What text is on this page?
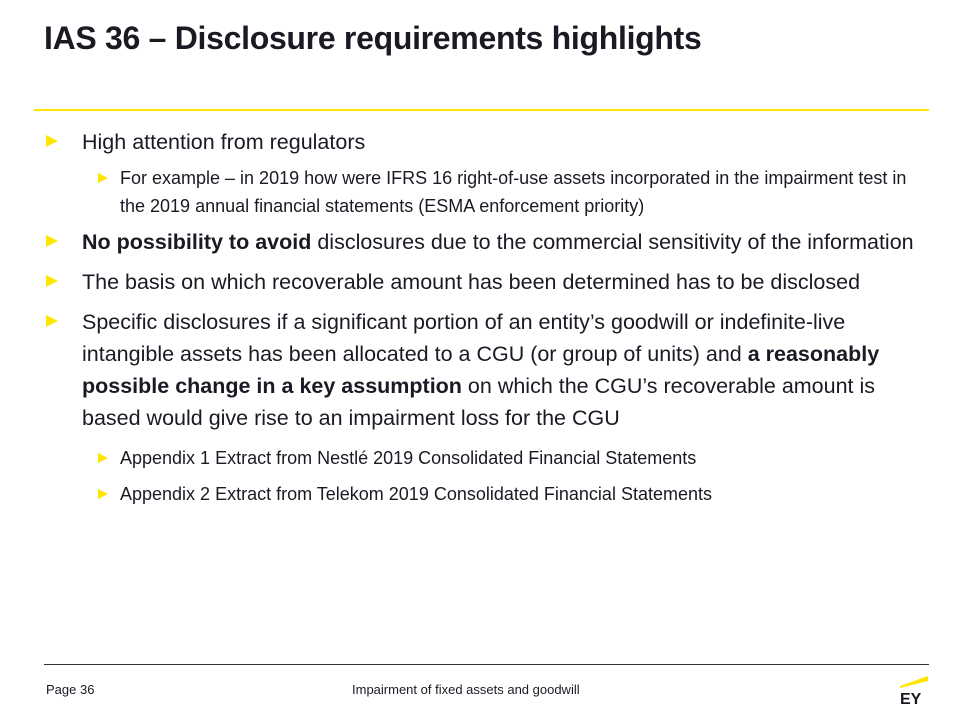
IAS 36 – Disclosure requirements highlights
High attention from regulators
For example – in 2019 how were IFRS 16 right-of-use assets incorporated in the impairment test in the 2019 annual financial statements (ESMA enforcement priority)
No possibility to avoid disclosures due to the commercial sensitivity of the information
The basis on which recoverable amount has been determined has to be disclosed
Specific disclosures if a significant portion of an entity’s goodwill or indefinite-live intangible assets has been allocated to a CGU (or group of units) and a reasonably possible change in a key assumption on which the CGU’s recoverable amount is based would give rise to an impairment loss for the CGU
Appendix 1 Extract from Nestlé 2019 Consolidated Financial Statements
Appendix 2 Extract from Telekom 2019 Consolidated Financial Statements
Page 36	Impairment of fixed assets and goodwill
EY
